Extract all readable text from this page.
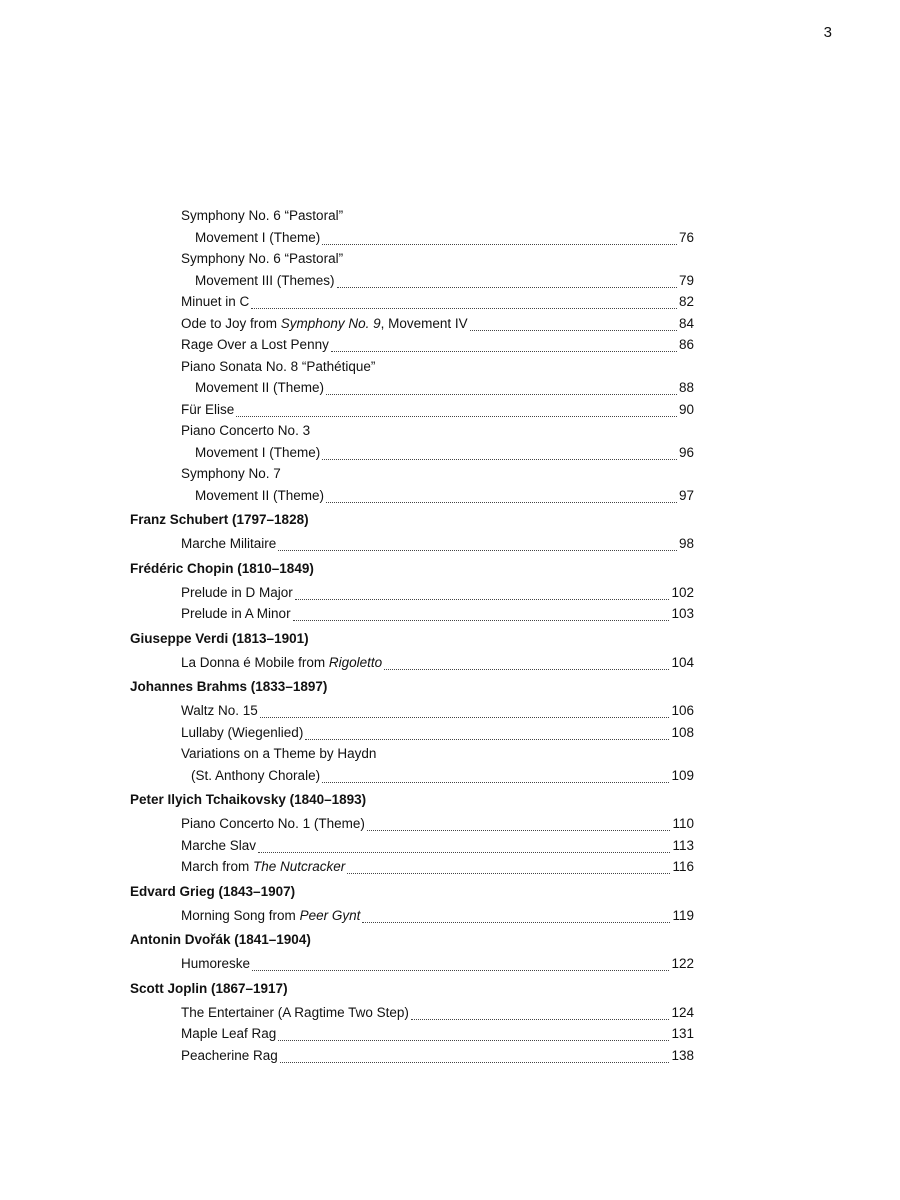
3
Symphony No. 6 “Pastoral”
Movement I (Theme)	76
Symphony No. 6 “Pastoral”
Movement III (Themes)	79
Minuet in C	82
Ode to Joy from Symphony No. 9, Movement IV	84
Rage Over a Lost Penny	86
Piano Sonata No. 8 “Pathétique”
Movement II (Theme)	88
Für Elise	90
Piano Concerto No. 3
Movement I (Theme)	96
Symphony No. 7
Movement II (Theme)	97
Franz Schubert (1797–1828)
Marche Militaire	98
Frédéric Chopin (1810–1849)
Prelude in D Major	102
Prelude in A Minor	103
Giuseppe Verdi (1813–1901)
La Donna é Mobile from Rigoletto	104
Johannes Brahms (1833–1897)
Waltz No. 15	106
Lullaby (Wiegenlied)	108
Variations on a Theme by Haydn
(St. Anthony Chorale)	109
Peter Ilyich Tchaikovsky (1840–1893)
Piano Concerto No. 1 (Theme)	110
Marche Slav	113
March from The Nutcracker	116
Edvard Grieg (1843–1907)
Morning Song from Peer Gynt	119
Antonin Dvořák (1841–1904)
Humoreske	122
Scott Joplin (1867–1917)
The Entertainer (A Ragtime Two Step)	124
Maple Leaf Rag	131
Peacherine Rag	138
